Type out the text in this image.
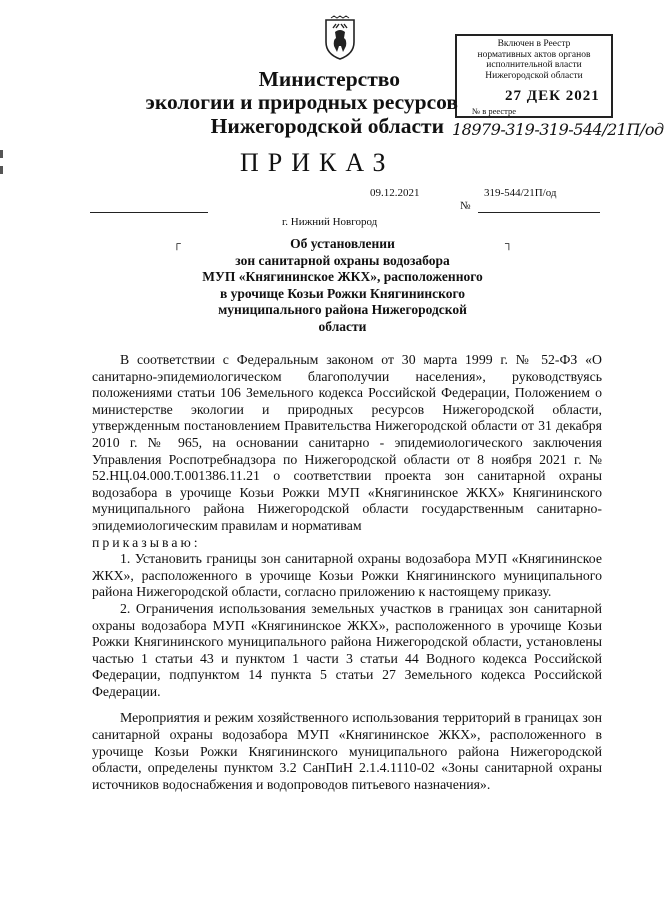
Включен в Реестр
нормативных актов органов
исполнительной власти
Нижегородской области
27 ДЕК 2021
№ в реестре
18979-319-319-544/21П/од
Министерство
экологии и природных ресурсов
Нижегородской области
ПРИКАЗ
09.12.2021	319-544/21П/од
№
г. Нижний Новгород
┌	┐
Об установлении
зон санитарной охраны водозабора
МУП «Княгининское ЖКХ», расположенного
в урочище Козьи Рожки Княгининского
муниципального района Нижегородской
области

В соответствии с Федеральным законом от 30 марта 1999 г. № 52-ФЗ «О санитарно-эпидемиологическом благополучии населения», руководствуясь положениями статьи 106 Земельного кодекса Российской Федерации, Положением о министерстве экологии и природных ресурсов Нижегородской области, утвержденным постановлением Правительства Нижегородской области от 31 декабря 2010 г. № 965, на основании санитарно - эпидемиологического заключения Управления Роспотребнадзора по Нижегородской области от 8 ноября 2021 г. № 52.НЦ.04.000.Т.001386.11.21 о соответствии проекта зон санитарной охраны водозабора в урочище Козьи Рожки МУП «Княгининское ЖКХ» Княгининского муниципального района Нижегородской области государственным санитарно-эпидемиологическим правилам и нормативам

приказываю:

1. Установить границы зон санитарной охраны водозабора МУП «Княгининское ЖКХ», расположенного в урочище Козьи Рожки Княгининского муниципального района Нижегородской области, согласно приложению к настоящему приказу.

2. Ограничения использования земельных участков в границах зон санитарной охраны водозабора МУП «Княгининское ЖКХ», расположенного в урочище Козьи Рожки Княгининского муниципального района Нижегородской области, установлены частью 1 статьи 43 и пунктом 1 части 3 статьи 44 Водного кодекса Российской Федерации, подпунктом 14 пункта 5 статьи 27 Земельного кодекса Российской Федерации.

Мероприятия и режим хозяйственного использования территорий в границах зон санитарной охраны водозабора МУП «Княгининское ЖКХ», расположенного в урочище Козьи Рожки Княгининского муниципального района Нижегородской области, определены пунктом 3.2 СанПиН 2.1.4.1110-02 «Зоны санитарной охраны источников водоснабжения и водопроводов питьевого назначения».
